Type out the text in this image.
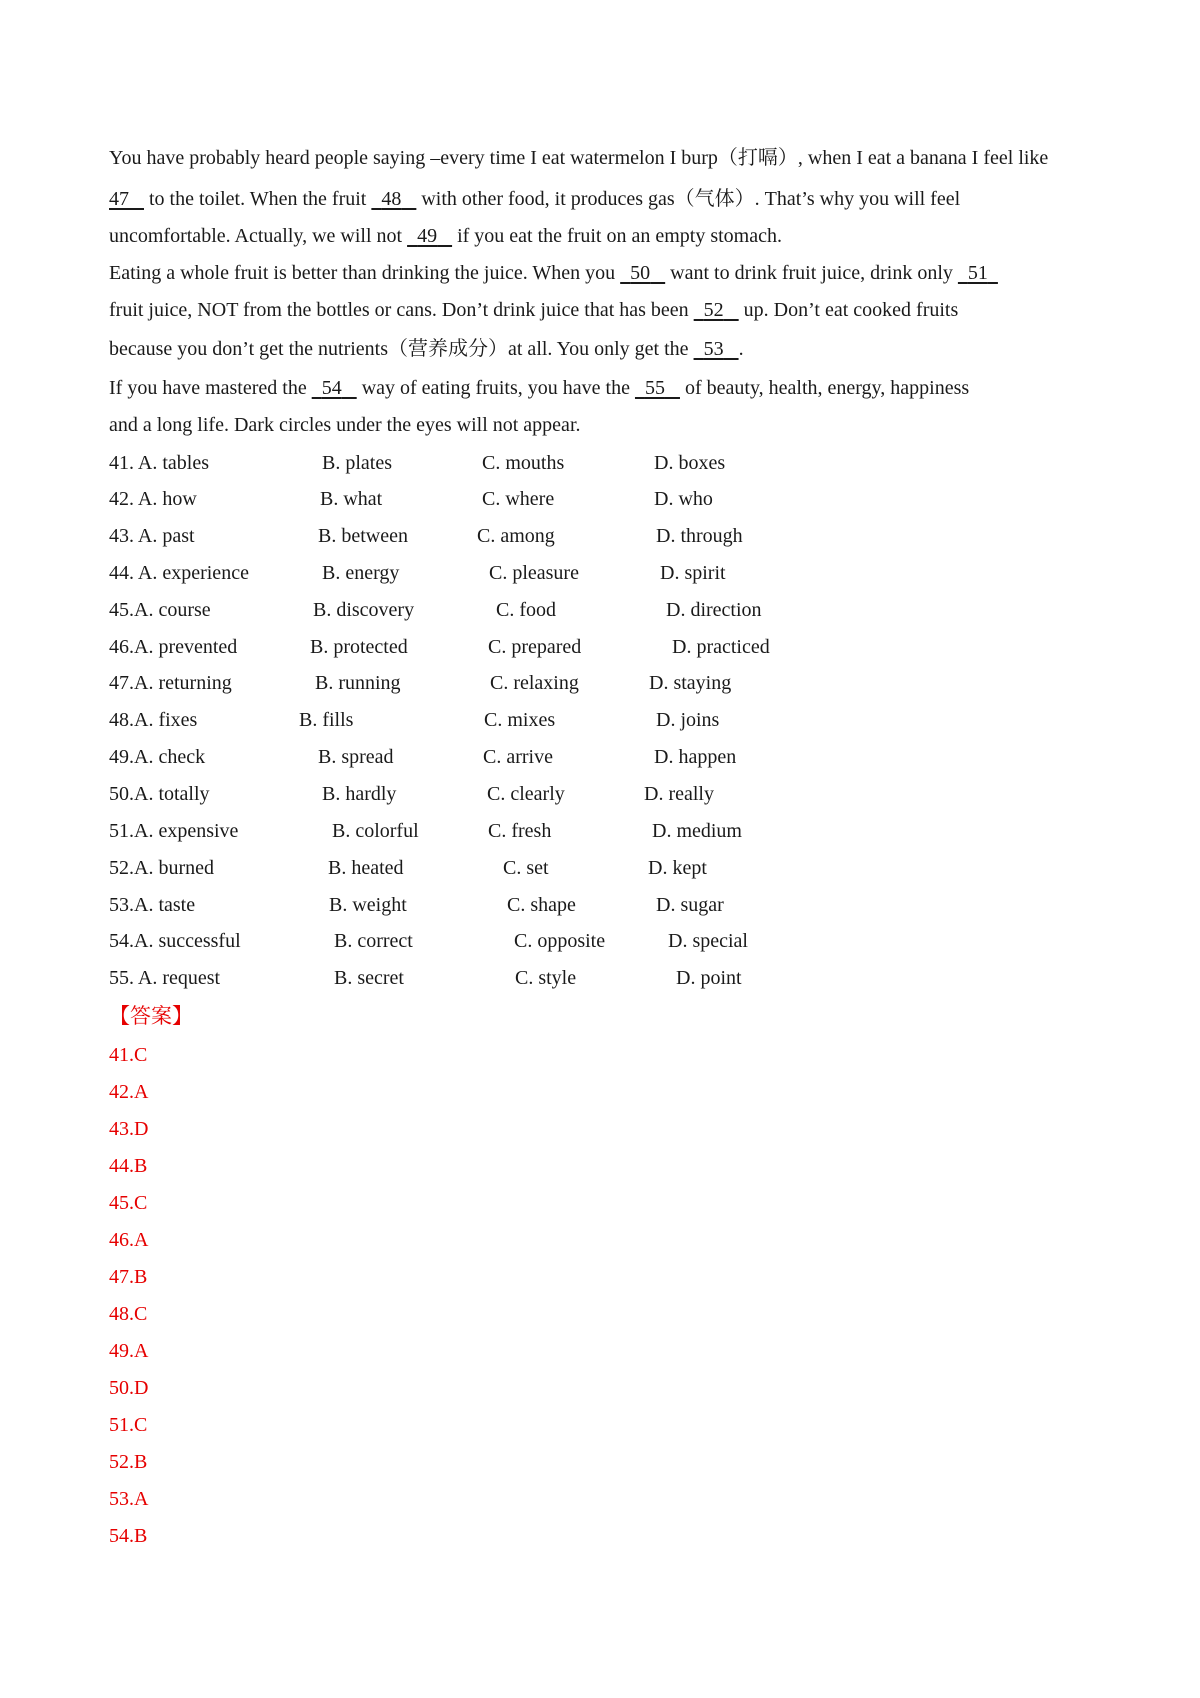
You have probably heard people saying –every time I eat watermelon I burp（打嗝）, when I eat a banana I feel like
47    to the toilet. When the fruit   48    with other food, it produces gas（气体）. That’s why you will feel
uncomfortable. Actually, we will not   49    if you eat the fruit on an empty stomach.
Eating a whole fruit is better than drinking the juice. When you   50    want to drink fruit juice, drink only   51
fruit juice, NOT from the bottles or cans. Don’t drink juice that has been   52    up. Don’t eat cooked fruits
because you don’t get the nutrients（营养成分）at all. You only get the   53 .
If you have mastered the   54    way of eating fruits, you have the   55    of beauty, health, energy, happiness
and a long life. Dark circles under the eyes will not appear.
41. A. tables	B. plates	C. mouths	D. boxes
42. A. how	B. what	C. where	D. who
43. A. past	B. between	C. among	D. through
44. A. experience	B. energy	C. pleasure	D. spirit
45.A. course	B. discovery	C. food	D. direction
46.A. prevented	B. protected	C. prepared	D. practiced
47.A. returning	B. running	C. relaxing	D. staying
48.A. fixes	B. fills	C. mixes	D. joins
49.A. check	B. spread	C. arrive	D. happen
50.A. totally	B. hardly	C. clearly	D. really
51.A. expensive	B. colorful	C. fresh	D. medium
52.A. burned	B. heated	C. set	D. kept
53.A. taste	B. weight	C. shape	D. sugar
54.A. successful	B. correct	C. opposite	D. special
55. A. request	B. secret	C. style	D. point
【答案】
41.C
42.A
43.D
44.B
45.C
46.A
47.B
48.C
49.A
50.D
51.C
52.B
53.A
54.B
